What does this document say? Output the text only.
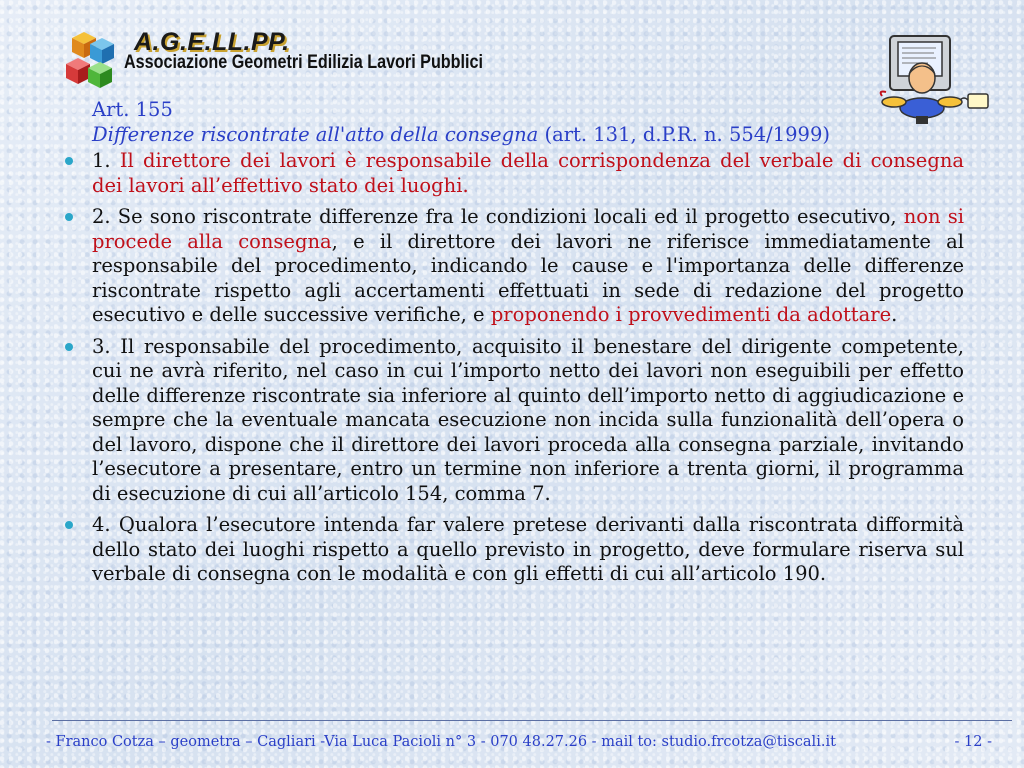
A.G.E.LL.PP.
Associazione Geometri Edilizia Lavori Pubblici
Art. 155
Differenze riscontrate all'atto della consegna (art. 131, d.P.R. n. 554/1999)
1. Il direttore dei lavori è responsabile della corrispondenza del verbale di consegna dei lavori all’effettivo stato dei luoghi.
2. Se sono riscontrate differenze fra le condizioni locali ed il progetto esecutivo, non si procede alla consegna, e il direttore dei lavori ne riferisce immediatamente al responsabile del procedimento, indicando le cause e l'importanza delle differenze riscontrate rispetto agli accertamenti effettuati in sede di redazione del progetto esecutivo e delle successive verifiche, e proponendo i provvedimenti da adottare.
3. Il responsabile del procedimento, acquisito il benestare del dirigente competente, cui ne avrà riferito, nel caso in cui l’importo netto dei lavori non eseguibili per effetto delle differenze riscontrate sia inferiore al quinto dell’importo netto di aggiudicazione e sempre che la eventuale mancata esecuzione non incida sulla funzionalità dell’opera o del lavoro, dispone che il direttore dei lavori proceda alla consegna parziale, invitando l’esecutore a presentare, entro un termine non inferiore a trenta giorni, il programma di esecuzione di cui all’articolo 154, comma 7.
4. Qualora l’esecutore intenda far valere pretese derivanti dalla riscontrata difformità dello stato dei luoghi rispetto a quello previsto in progetto, deve formulare riserva sul verbale di consegna con le modalità e con gli effetti di cui all’articolo 190.
- Franco Cotza – geometra – Cagliari -Via Luca Pacioli n° 3 - 070 48.27.26 - mail to: studio.frcotza@tiscali.it	- 12 -
